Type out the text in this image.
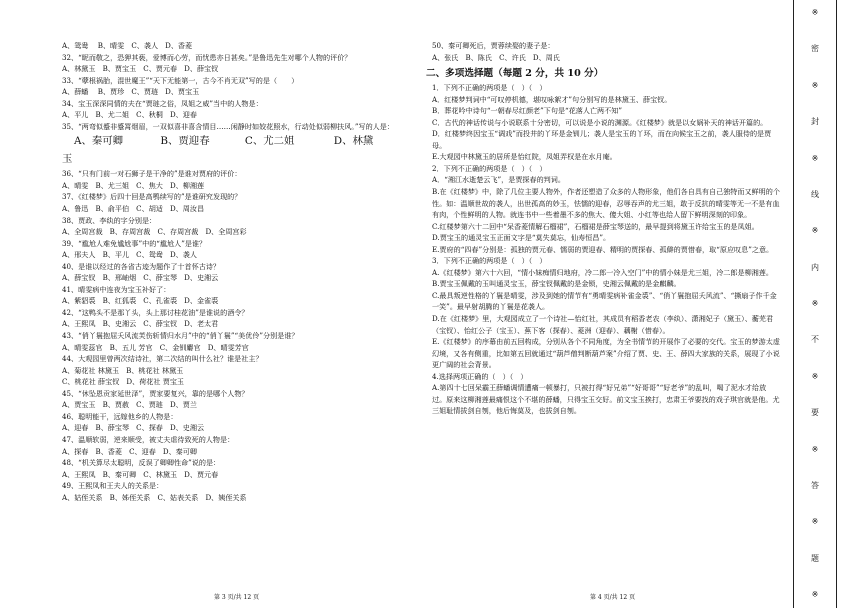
A、鸳鸯　 B、晴雯　C、袭人　D、香菱
32、“昵而敬之，恐狎其亵，爱博而心劳，而忧患亦日甚矣。”是鲁迅先生对哪个人物的评价？
A、林黛玉　B、贾宝玉　C、贾元春　D、薛宝钗
33、“孽根祸胎，混世魔王”“天下无能第一，古今不肖无双”写的是（　　）
A、薛蟠　 B、贾珍　C、贾琏　D、贾宝玉
34、宝玉深深同情的夫在“贾琏之俗，凤姐之威”当中的人物是：
A、平儿　B、尤二姐　C、秋桐　D、迎春
35、“两弯似蹙非蹙罥烟眉，一双似喜非喜含情目……闲静时如姣花照水，行动处似弱柳扶风。”写的人是：
A、秦可卿	B、贾迎春	C、尤二姐	D、林黛
玉
36、“只有门前一对石狮子是干净的”是谁对贾府的评价：
A、晴雯　B、尤三姐　C、焦大　D、柳湘莲
37、《红楼梦》后四十回是高鹗续写的”是谁研究发现的？
A、鲁迅　B、俞平伯　C、胡适　D、周汝昌
38、贾政、李纨的字分别是：
A、全周宫裁　B、存周宫裁　C、存周宫裁　D、全周宫彩
39、“尴尬人难免尴尬事”中的“尴尬人”是谁？
A、邢夫人　B、平儿　C、鸳鸯　D、袭人
40、是谁以经过的各省古迹为题作了十首怀古诗？
A、薛宝钗　B、邢岫烟　C、薛宝琴　D、史湘云
41、晴雯病中连夜为宝玉补好了：
A、紫貂裘　B、红狐裘　C、孔雀裘　D、金雀裘
42、“这鸭头不是那丫头，头上那讨桂花油”是谁说的酒令？
A、王熙凤　B、史湘云　C、薛宝钗　D、老太君
43、“俏丫鬟抱屈夭风流芙伤斩情归水月”中的“俏丫鬟”“美优伶”分别是谁？
A、晴雯蕊官　B、五儿 芳官　C、金钏麝官　D、晴雯芳官
44、大观园里曾两次结诗社，第二次结的叫什么社？谁是社主？
A、菊花社 林黛玉　B、桃花社 林黛玉
C、桃花社 薛宝钗　D、荷花社 贾宝玉
45、“休坠恩贡家延世泽”，贾家要复兴，靠的是哪个人物？
A、贾宝玉　B、贾赦　C、贾琏　D、贾兰
46、聪明能干，远嫁他乡的人物是：
A、迎春　B、薛宝琴　C、探春　D、史湘云
47、温顺软弱，逆来顺受，被丈夫虐待致死的人物是：
A、探春　B、香菱　C、迎春　D、秦可卿
48、“机关算尽太聪明，反误了卿卿性命”说的是：
A、王熙凤　B、秦可卿　C、林黛玉　D、贾元春
49、王熙凤和王夫人的关系是：
A、姑侄关系　B、姊侄关系　C、姑表关系　D、姨侄关系
50、秦可卿死后，贾蓉续娶的妻子是：
A、张氏　B、陈氏　C、许氏　D、周氏
二、多项选择题（每题 2 分，共 10 分）
1．下列不正确的两项是（　）（　）
A．红楼梦判词中“可叹停机德，堪叹咏絮才”句分别写的是林黛玉、薛宝钗。
B．葬花吟中诗句“一朝春尽红颜老”下句是“花落人亡两不知”
C．古代的神话传说与小说联系十分密切，可以说是小说的渊源。《红楼梦》就是以女娲补天的神话开篇的。
D．红楼梦终因宝玉“调戏”而投井的丫环是金钏儿；袭人是宝玉的丫环，而在向候宝玉之前，袭人服侍的是贾母。
E.大观园中林黛玉的居所是怡红院，凤姐弄权是在水月庵。
2．下列不正确的两项是（　）（　）
A．“湘江水逝楚云飞”，是贾探春的判词。
B.在《红楼梦》中，除了几位主要人物外，作者还塑造了众多的人物形象，他们各自具有自己独特而又鲜明的个性。如：温顺世故的袭人，出世孤高的妙玉，怯懦的迎春，忍辱吞声的尤三姐，敢于反抗的晴雯等无一不是有血有肉，个性鲜明的人物。就连书中一些着墨不多的焦大、傻大姐、小红等也给人留下鲜明深刻的印象。
C.红楼梦第六十二回中“呆香菱情解石榴裙”，石榴裙是薛宝琴送的，最早提到将黛玉许给宝玉的是凤姐。
D.贾宝玉的通灵宝玉正面文字是“莫失莫忘，仙寿恒昌”。
E.贾府的“四春”分别是：孤独的贾元春、懦弱的贾迎春、精明的贾探春、孤僻的贾惜春，取“原应叹息”之意。
3．下列不正确的两项是（　）（　）
A.《红楼梦》第六十六回，“情小妹痴情归地府，冷二郎一冷入空门”中的情小妹是尤三姐，冷二郎是柳湘莲。
B.贾宝玉佩戴的玉叫通灵宝玉，薛宝钗佩戴的是金锁，史湘云佩戴的是金麒麟。
C.最具叛逆性格的丫鬟是晴雯，涉及到她的情节有“勇晴雯病补雀金裘”、“俏丫鬟抱屈夭风流”、“撕扇子作千金一笑”。最早射胡腾的丫鬟是花袭人。
D.在《红楼梦》里，大观园成立了一个诗社—怡红社，其成员有稻香老农（李纨）、潇湘妃子（黛玉）、蘅芜君（宝钗）、怡红公子（宝玉）、蕉下客（探春）、菱洲（迎春）、藕榭（惜春）。
E.《红楼梦》的序幕由前五回构成，分别从各个不同角度，为全书情节的开展作了必要的交代。宝玉的梦游太虚幻境，又各有侧重，比如第五回就通过“葫芦僧判断葫芦案”介绍了贾、史、王、薛四大家族的关系，展现了小说更广阔的社会背景。
4.选择两项正确的（　）（　）
A.第四十七回呆霸王薛蟠调情遭痛一顿暴打，只被打得“好兄弟”“好哥哥”“好老爷”的乱叫，喝了泥水才给放过。原来这柳湘莲最痛恨这个不堪的薛蟠，只得宝玉交好。前文宝玉挨打，忠肃王爷要找的戏子琪官就是他。尤三姐耻情拔剑自刎，他后悔莫及，也拔剑自刎。
第 3 页/共 12 页	第 4 页/共 12 页
※
密
※
封
※
线
※
内
※
不
※
要
※
答
※
题
※
